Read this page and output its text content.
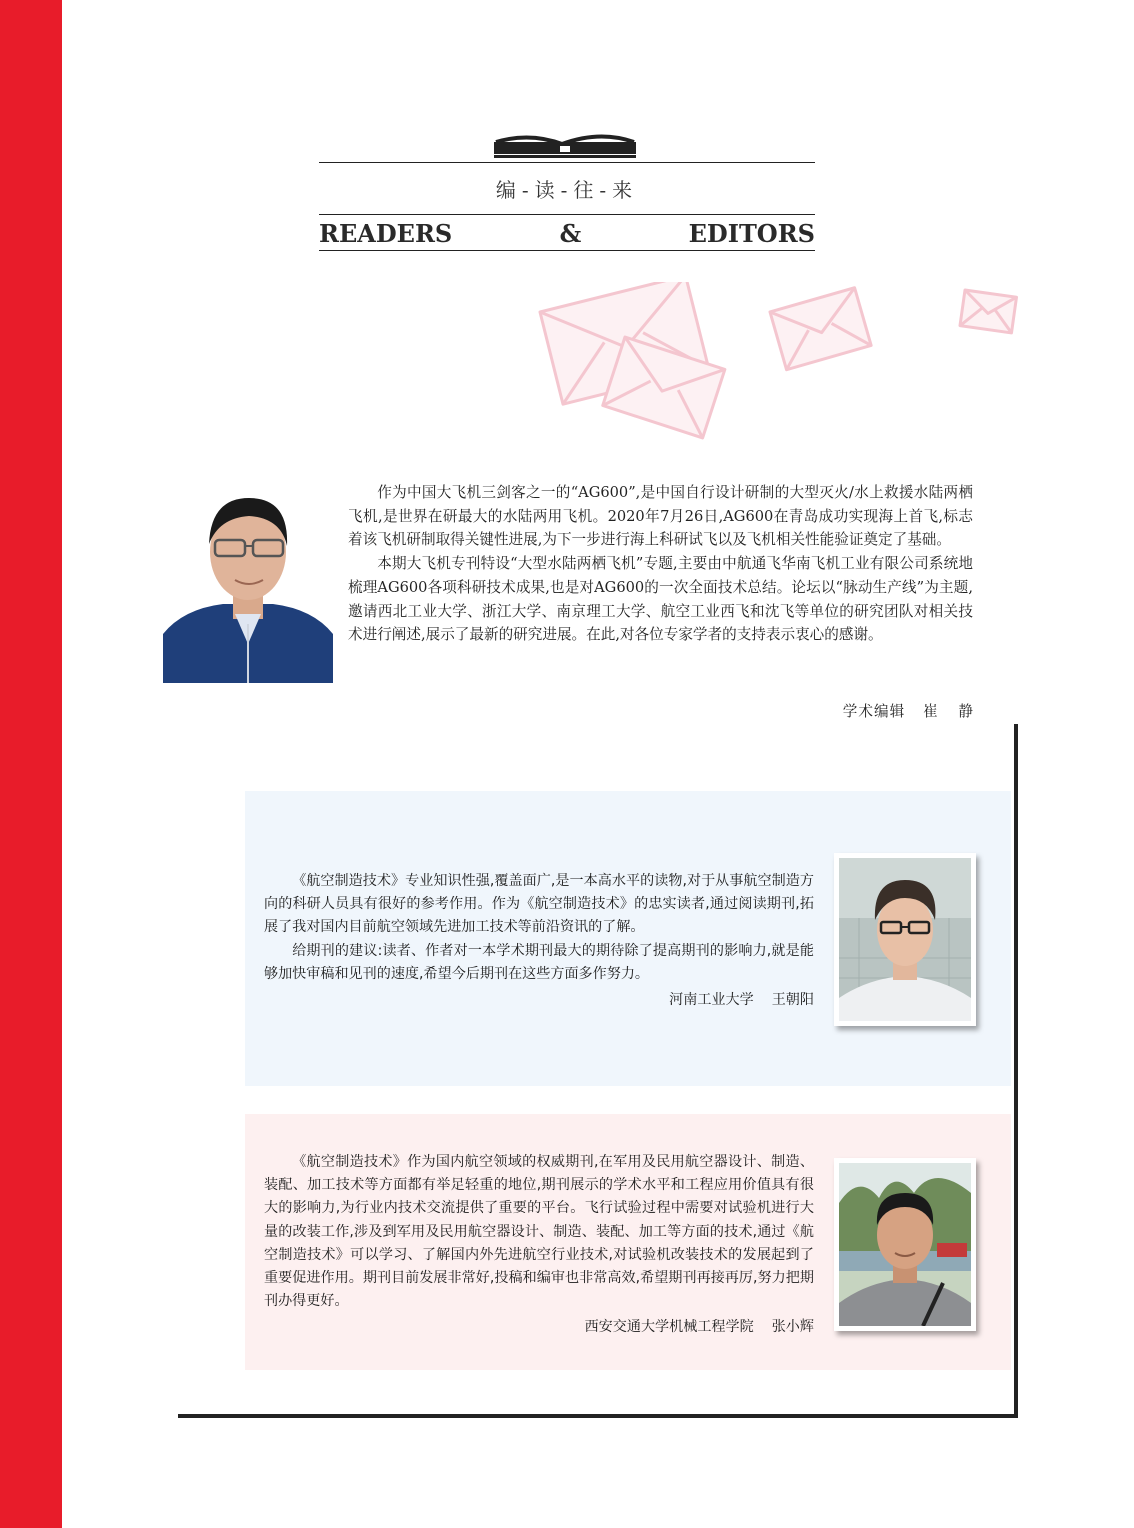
编-读-往-来
READERS	&	EDITORS

作为中国大飞机三剑客之一的“AG600”,是中国自行设计研制的大型灭火/水上救援水陆两栖飞机,是世界在研最大的水陆两用飞机。2020年7月26日,AG600在青岛成功实现海上首飞,标志着该飞机研制取得关键性进展,为下一步进行海上科研试飞以及飞机相关性能验证奠定了基础。

本期大飞机专刊特设“大型水陆两栖飞机”专题,主要由中航通飞华南飞机工业有限公司系统地梳理AG600各项科研技术成果,也是对AG600的一次全面技术总结。论坛以“脉动生产线”为主题,邀请西北工业大学、浙江大学、南京理工大学、航空工业西飞和沈飞等单位的研究团队对相关技术进行阐述,展示了最新的研究进展。在此,对各位专家学者的支持表示衷心的感谢。

学术编辑 崔 静

《航空制造技术》专业知识性强,覆盖面广,是一本高水平的读物,对于从事航空制造方向的科研人员具有很好的参考作用。作为《航空制造技术》的忠实读者,通过阅读期刊,拓展了我对国内目前航空领域先进加工技术等前沿资讯的了解。

给期刊的建议:读者、作者对一本学术期刊最大的期待除了提高期刊的影响力,就是能够加快审稿和见刊的速度,希望今后期刊在这些方面多作努力。

河南工业大学 王朝阳

《航空制造技术》作为国内航空领域的权威期刊,在军用及民用航空器设计、制造、装配、加工技术等方面都有举足轻重的地位,期刊展示的学术水平和工程应用价值具有很大的影响力,为行业内技术交流提供了重要的平台。飞行试验过程中需要对试验机进行大量的改装工作,涉及到军用及民用航空器设计、制造、装配、加工等方面的技术,通过《航空制造技术》可以学习、了解国内外先进航空行业技术,对试验机改装技术的发展起到了重要促进作用。期刊目前发展非常好,投稿和编审也非常高效,希望期刊再接再厉,努力把期刊办得更好。

西安交通大学机械工程学院 张小辉
